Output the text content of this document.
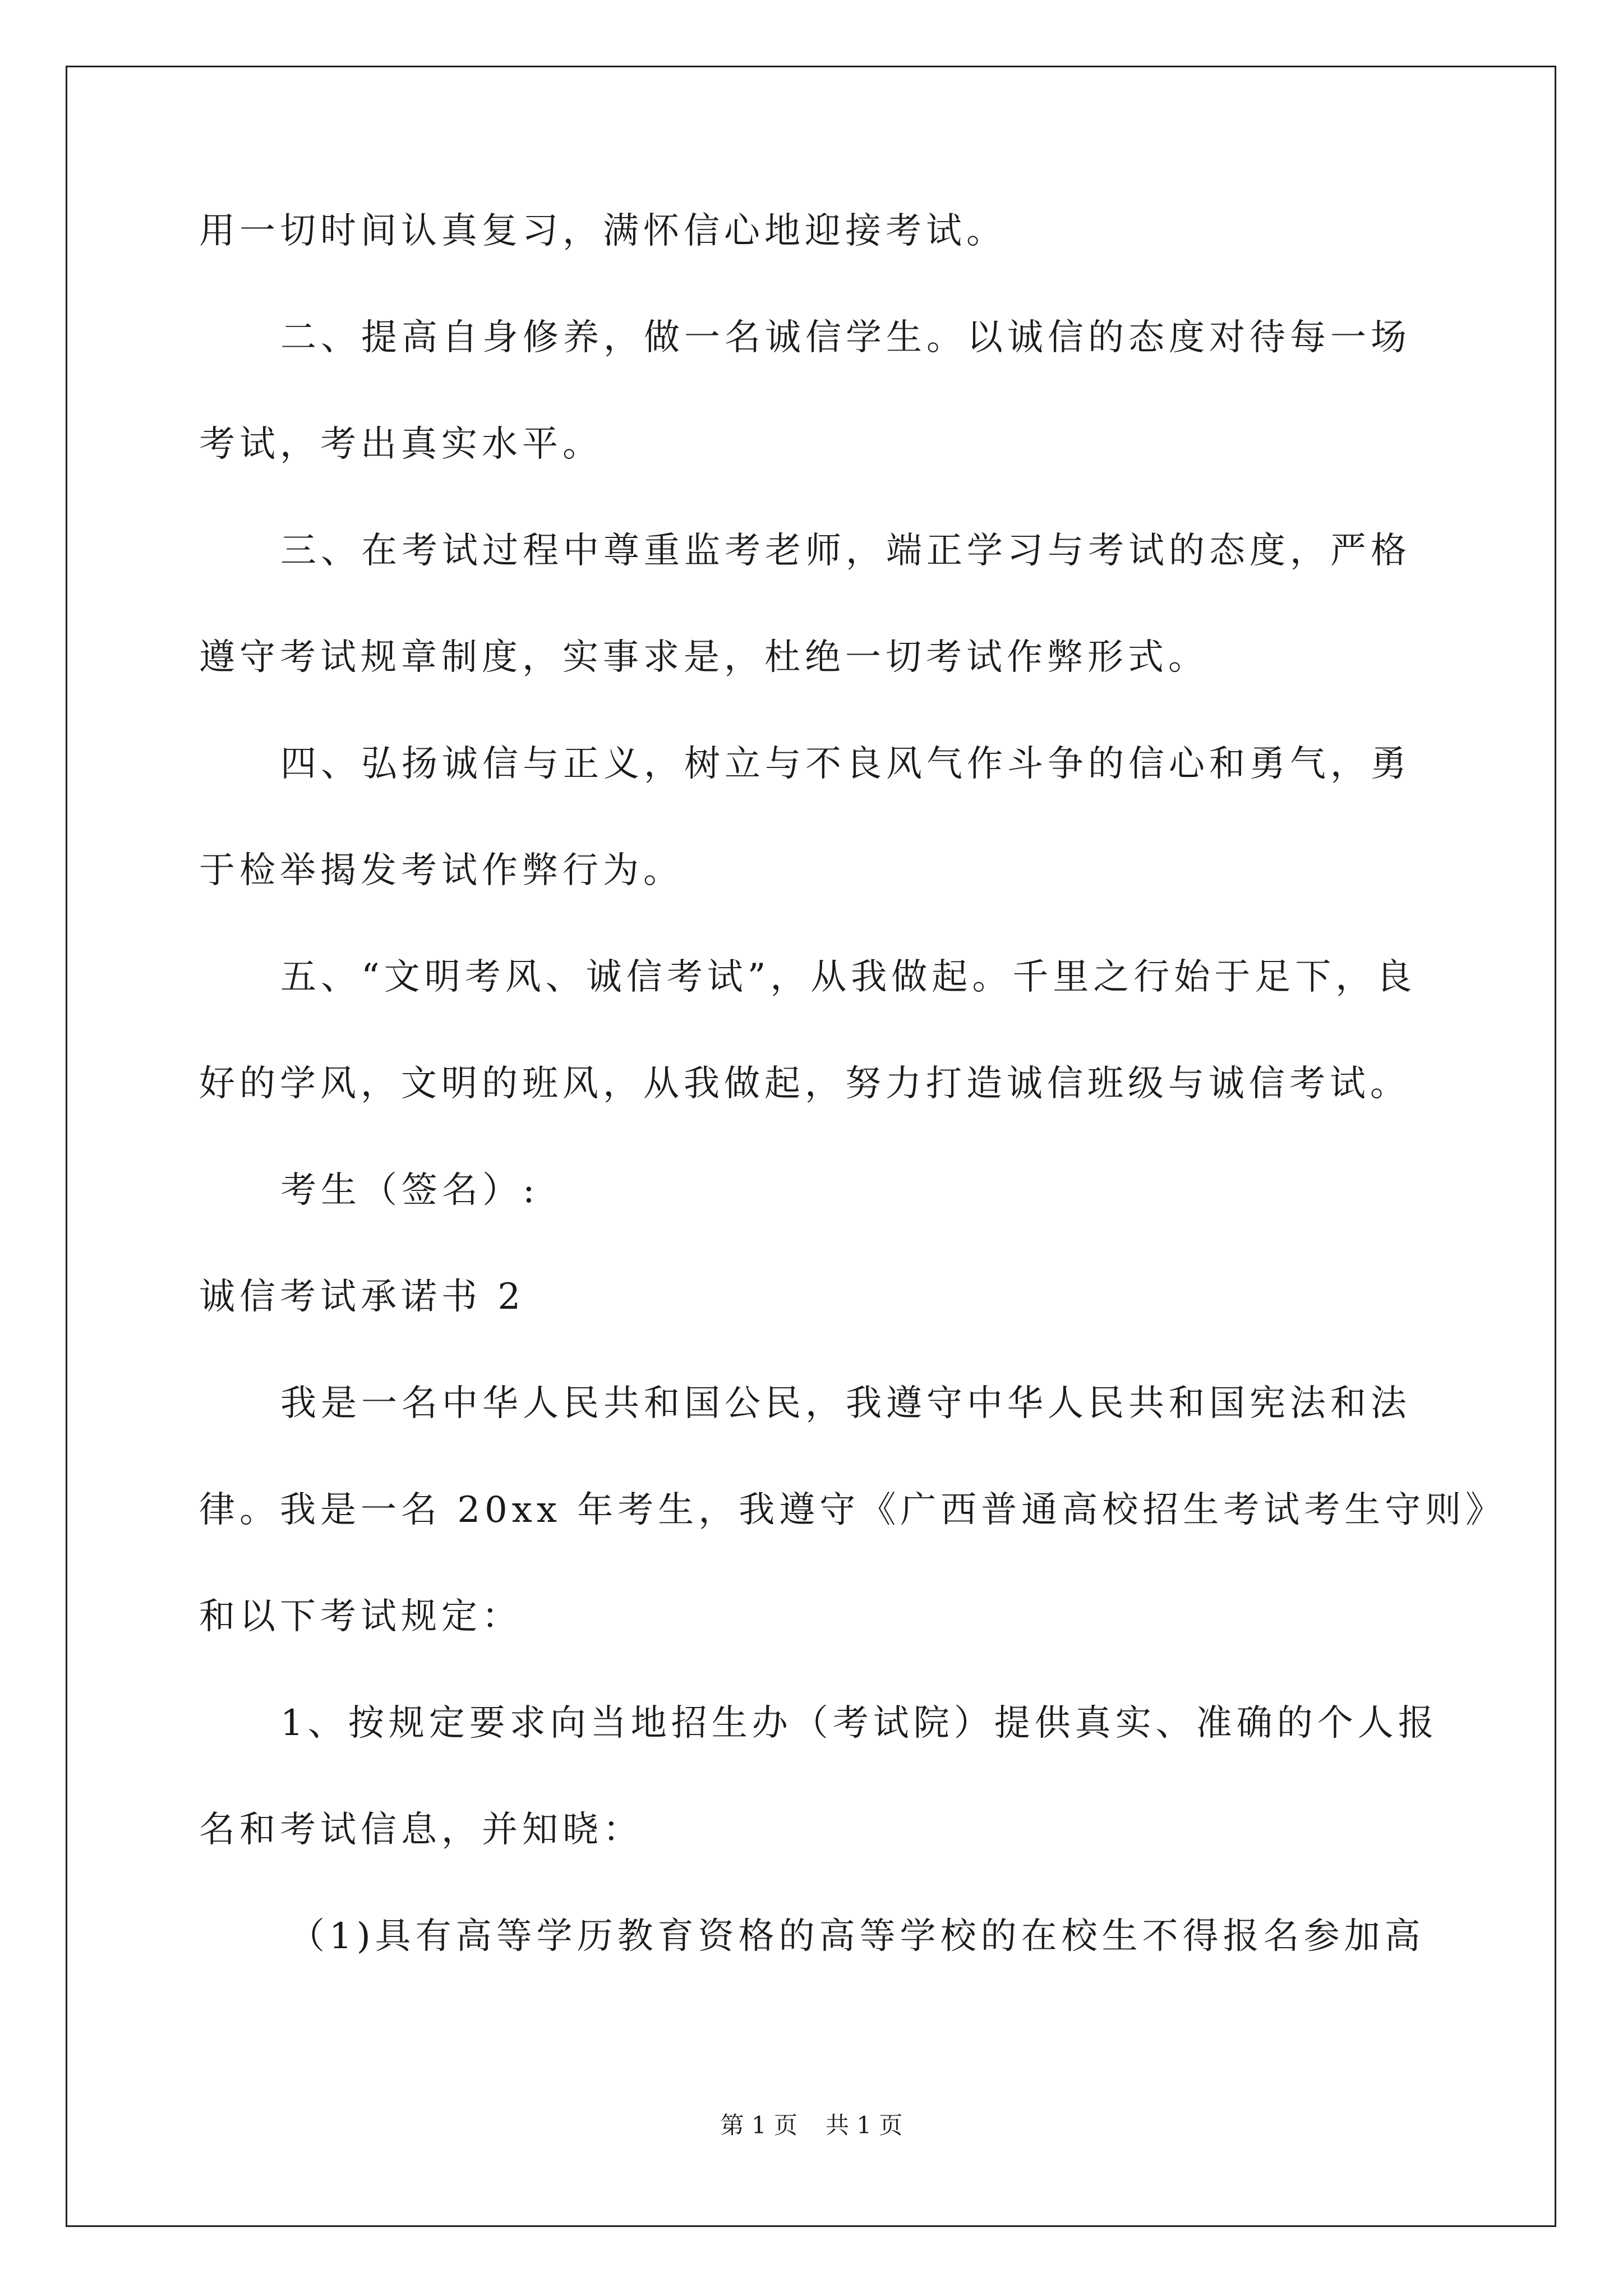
用一切时间认真复习，满怀信心地迎接考试。
二、提高自身修养，做一名诚信学生。以诚信的态度对待每一场
考试，考出真实水平。
三、在考试过程中尊重监考老师，端正学习与考试的态度，严格
遵守考试规章制度，实事求是，杜绝一切考试作弊形式。
四、弘扬诚信与正义，树立与不良风气作斗争的信心和勇气，勇
于检举揭发考试作弊行为。
五、“文明考风、诚信考试”，从我做起。千里之行始于足下，良
好的学风，文明的班风，从我做起，努力打造诚信班级与诚信考试。
考生（签名）:
诚信考试承诺书 2
我是一名中华人民共和国公民，我遵守中华人民共和国宪法和法
律。我是一名 20xx 年考生，我遵守《广西普通高校招生考试考生守则》
和以下考试规定：
1、按规定要求向当地招生办（考试院）提供真实、准确的个人报
名和考试信息，并知晓：
（1)具有高等学历教育资格的高等学校的在校生不得报名参加高
第 1 页 共 1 页
